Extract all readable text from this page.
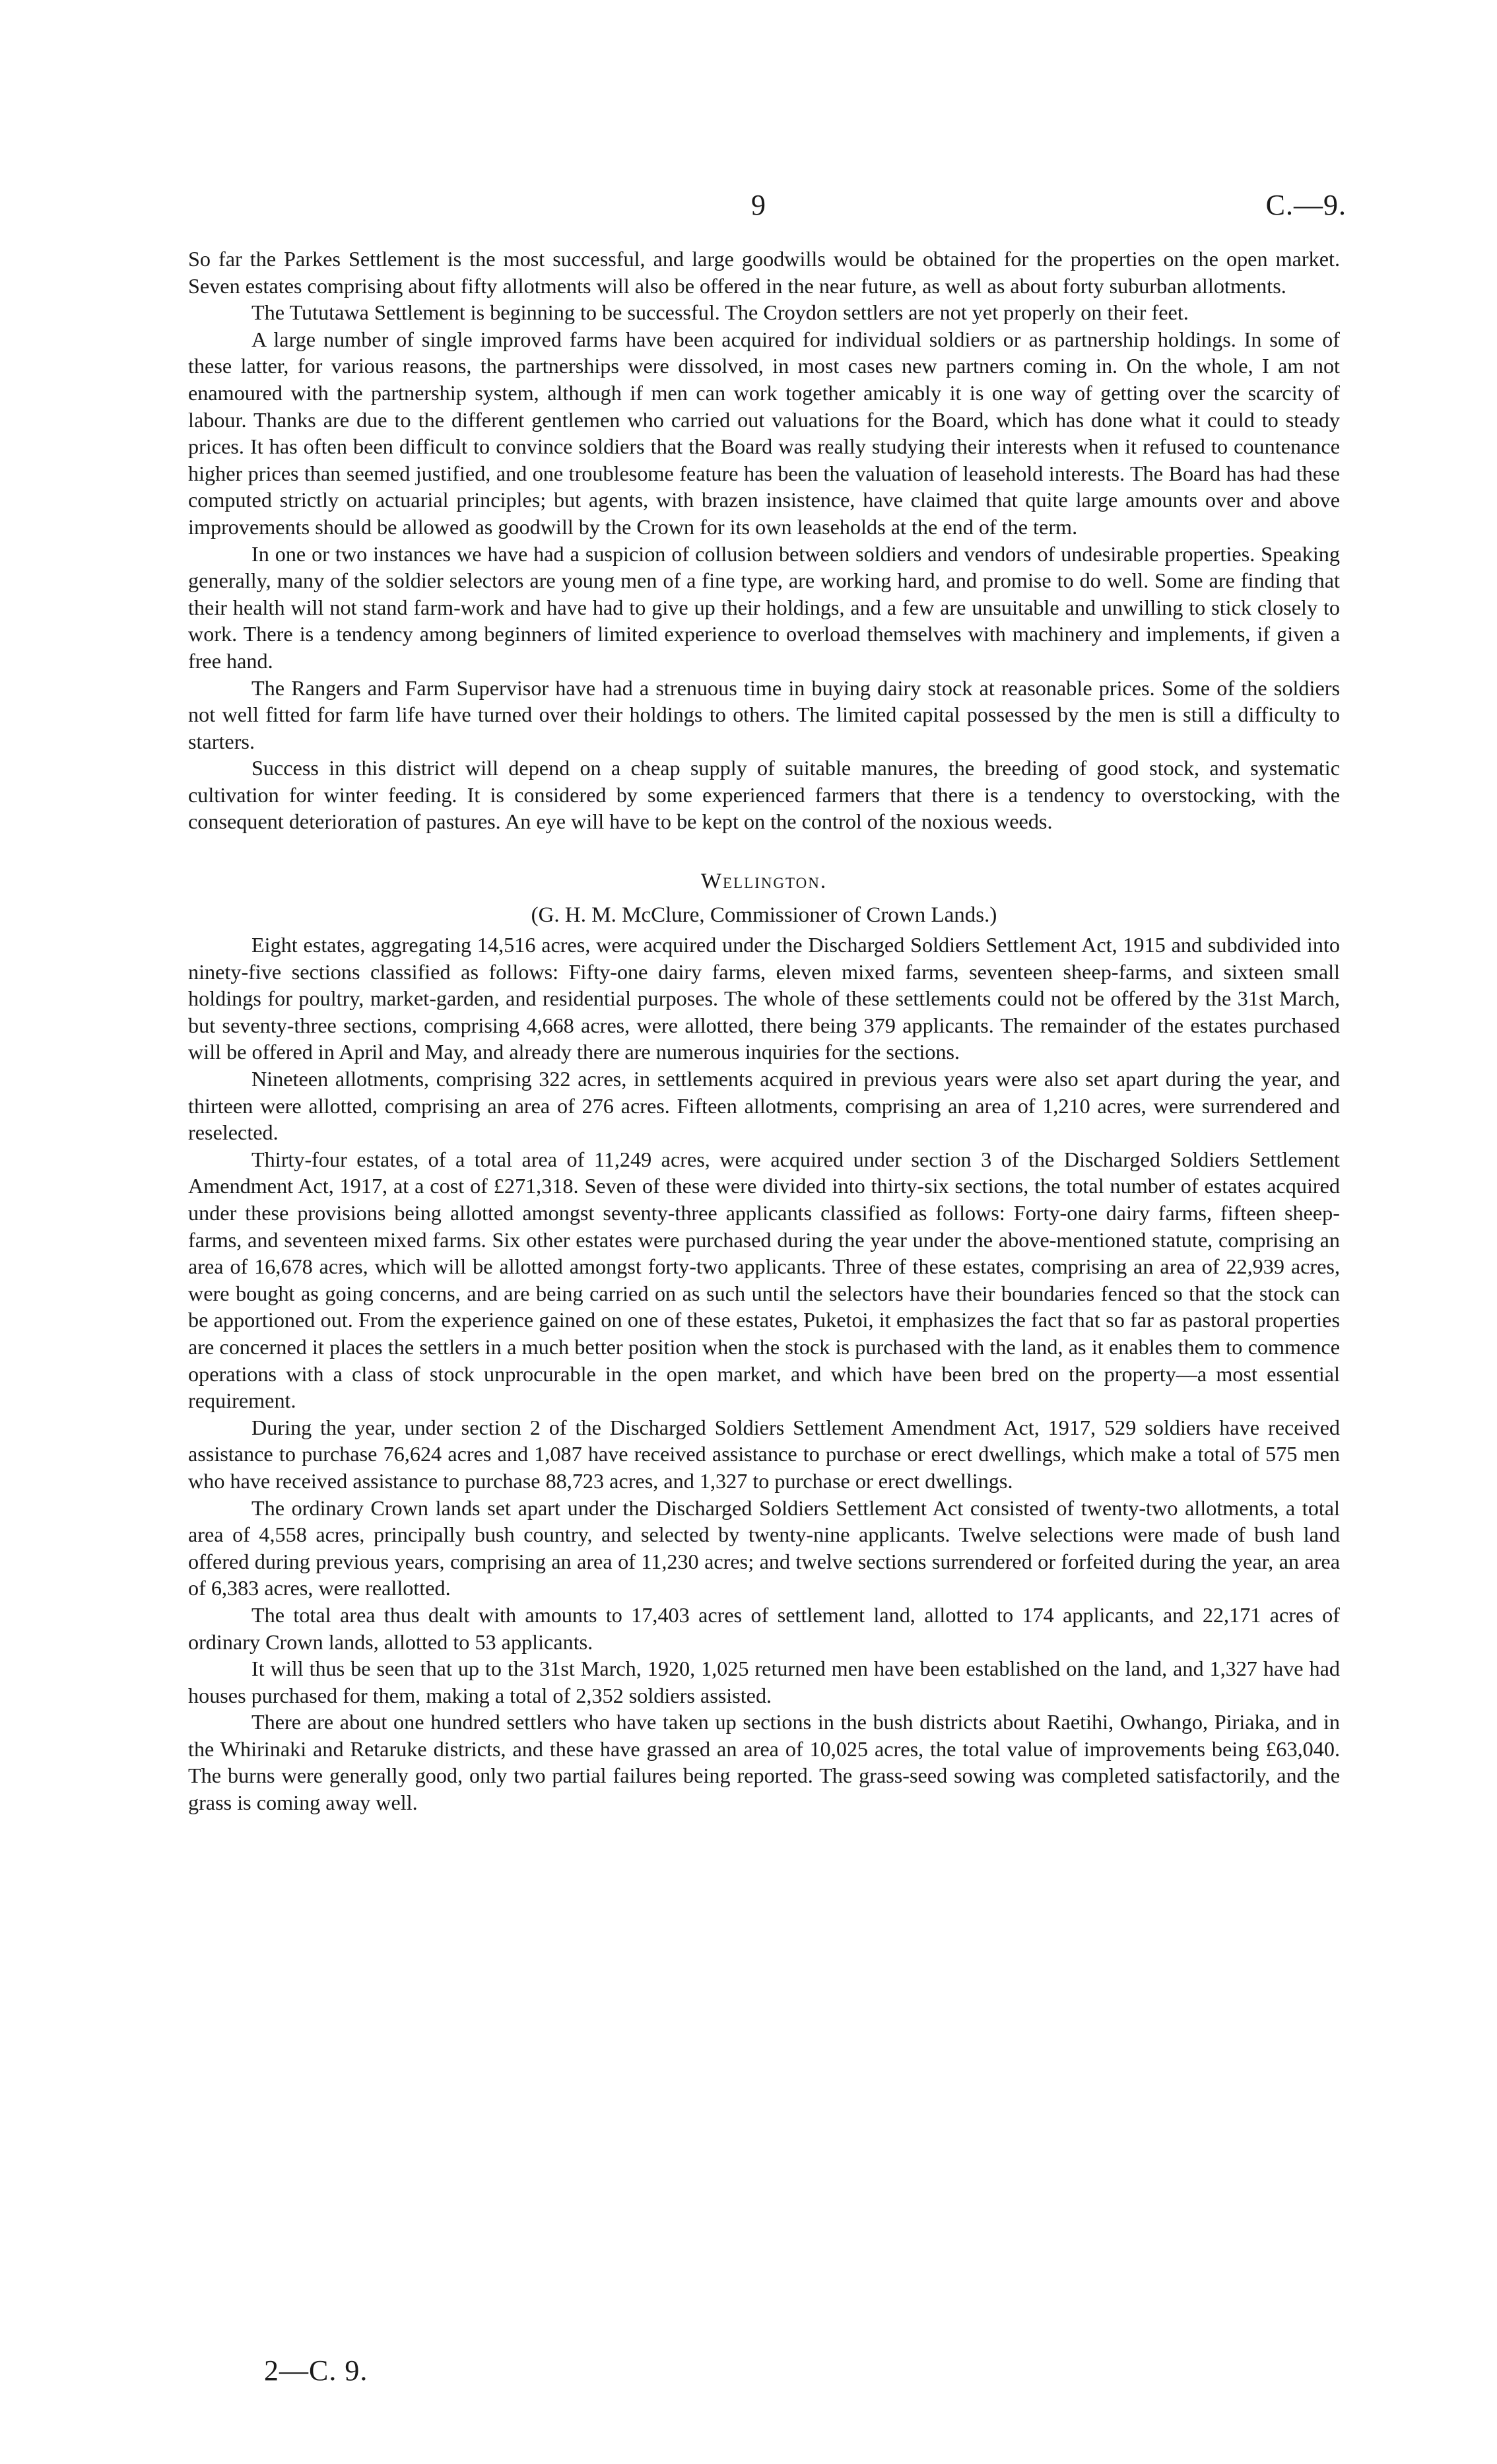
9	C.—9.

So far the Parkes Settlement is the most successful, and large goodwills would be obtained for the properties on the open market. Seven estates comprising about fifty allotments will also be offered in the near future, as well as about forty suburban allotments.

The Tututawa Settlement is beginning to be successful. The Croydon settlers are not yet properly on their feet.

A large number of single improved farms have been acquired for individual soldiers or as partnership holdings. In some of these latter, for various reasons, the partnerships were dissolved, in most cases new partners coming in. On the whole, I am not enamoured with the partnership system, although if men can work together amicably it is one way of getting over the scarcity of labour. Thanks are due to the different gentlemen who carried out valuations for the Board, which has done what it could to steady prices. It has often been difficult to convince soldiers that the Board was really studying their interests when it refused to countenance higher prices than seemed justified, and one troublesome feature has been the valuation of leasehold interests. The Board has had these computed strictly on actuarial principles; but agents, with brazen insistence, have claimed that quite large amounts over and above improvements should be allowed as goodwill by the Crown for its own leaseholds at the end of the term.

In one or two instances we have had a suspicion of collusion between soldiers and vendors of undesirable properties. Speaking generally, many of the soldier selectors are young men of a fine type, are working hard, and promise to do well. Some are finding that their health will not stand farm-work and have had to give up their holdings, and a few are unsuitable and unwilling to stick closely to work. There is a tendency among beginners of limited experience to overload themselves with machinery and implements, if given a free hand.

The Rangers and Farm Supervisor have had a strenuous time in buying dairy stock at reasonable prices. Some of the soldiers not well fitted for farm life have turned over their holdings to others. The limited capital possessed by the men is still a difficulty to starters.

Success in this district will depend on a cheap supply of suitable manures, the breeding of good stock, and systematic cultivation for winter feeding. It is considered by some experienced farmers that there is a tendency to overstocking, with the consequent deterioration of pastures. An eye will have to be kept on the control of the noxious weeds.

Wellington.
(G. H. M. McClure, Commissioner of Crown Lands.)

Eight estates, aggregating 14,516 acres, were acquired under the Discharged Soldiers Settlement Act, 1915 and subdivided into ninety-five sections classified as follows: Fifty-one dairy farms, eleven mixed farms, seventeen sheep-farms, and sixteen small holdings for poultry, market-garden, and residential purposes. The whole of these settlements could not be offered by the 31st March, but seventy-three sections, comprising 4,668 acres, were allotted, there being 379 applicants. The remainder of the estates purchased will be offered in April and May, and already there are numerous inquiries for the sections.

Nineteen allotments, comprising 322 acres, in settlements acquired in previous years were also set apart during the year, and thirteen were allotted, comprising an area of 276 acres. Fifteen allotments, comprising an area of 1,210 acres, were surrendered and reselected.

Thirty-four estates, of a total area of 11,249 acres, were acquired under section 3 of the Discharged Soldiers Settlement Amendment Act, 1917, at a cost of £271,318. Seven of these were divided into thirty-six sections, the total number of estates acquired under these provisions being allotted amongst seventy-three applicants classified as follows: Forty-one dairy farms, fifteen sheep-farms, and seventeen mixed farms. Six other estates were purchased during the year under the above-mentioned statute, comprising an area of 16,678 acres, which will be allotted amongst forty-two applicants. Three of these estates, comprising an area of 22,939 acres, were bought as going concerns, and are being carried on as such until the selectors have their boundaries fenced so that the stock can be apportioned out. From the experience gained on one of these estates, Puketoi, it emphasizes the fact that so far as pastoral properties are concerned it places the settlers in a much better position when the stock is purchased with the land, as it enables them to commence operations with a class of stock unprocurable in the open market, and which have been bred on the property—a most essential requirement.

During the year, under section 2 of the Discharged Soldiers Settlement Amendment Act, 1917, 529 soldiers have received assistance to purchase 76,624 acres and 1,087 have received assistance to purchase or erect dwellings, which make a total of 575 men who have received assistance to purchase 88,723 acres, and 1,327 to purchase or erect dwellings.

The ordinary Crown lands set apart under the Discharged Soldiers Settlement Act consisted of twenty-two allotments, a total area of 4,558 acres, principally bush country, and selected by twenty-nine applicants. Twelve selections were made of bush land offered during previous years, comprising an area of 11,230 acres; and twelve sections surrendered or forfeited during the year, an area of 6,383 acres, were reallotted.

The total area thus dealt with amounts to 17,403 acres of settlement land, allotted to 174 applicants, and 22,171 acres of ordinary Crown lands, allotted to 53 applicants.

It will thus be seen that up to the 31st March, 1920, 1,025 returned men have been established on the land, and 1,327 have had houses purchased for them, making a total of 2,352 soldiers assisted.

There are about one hundred settlers who have taken up sections in the bush districts about Raetihi, Owhango, Piriaka, and in the Whirinaki and Retaruke districts, and these have grassed an area of 10,025 acres, the total value of improvements being £63,040. The burns were generally good, only two partial failures being reported. The grass-seed sowing was completed satisfactorily, and the grass is coming away well.

2—C. 9.
